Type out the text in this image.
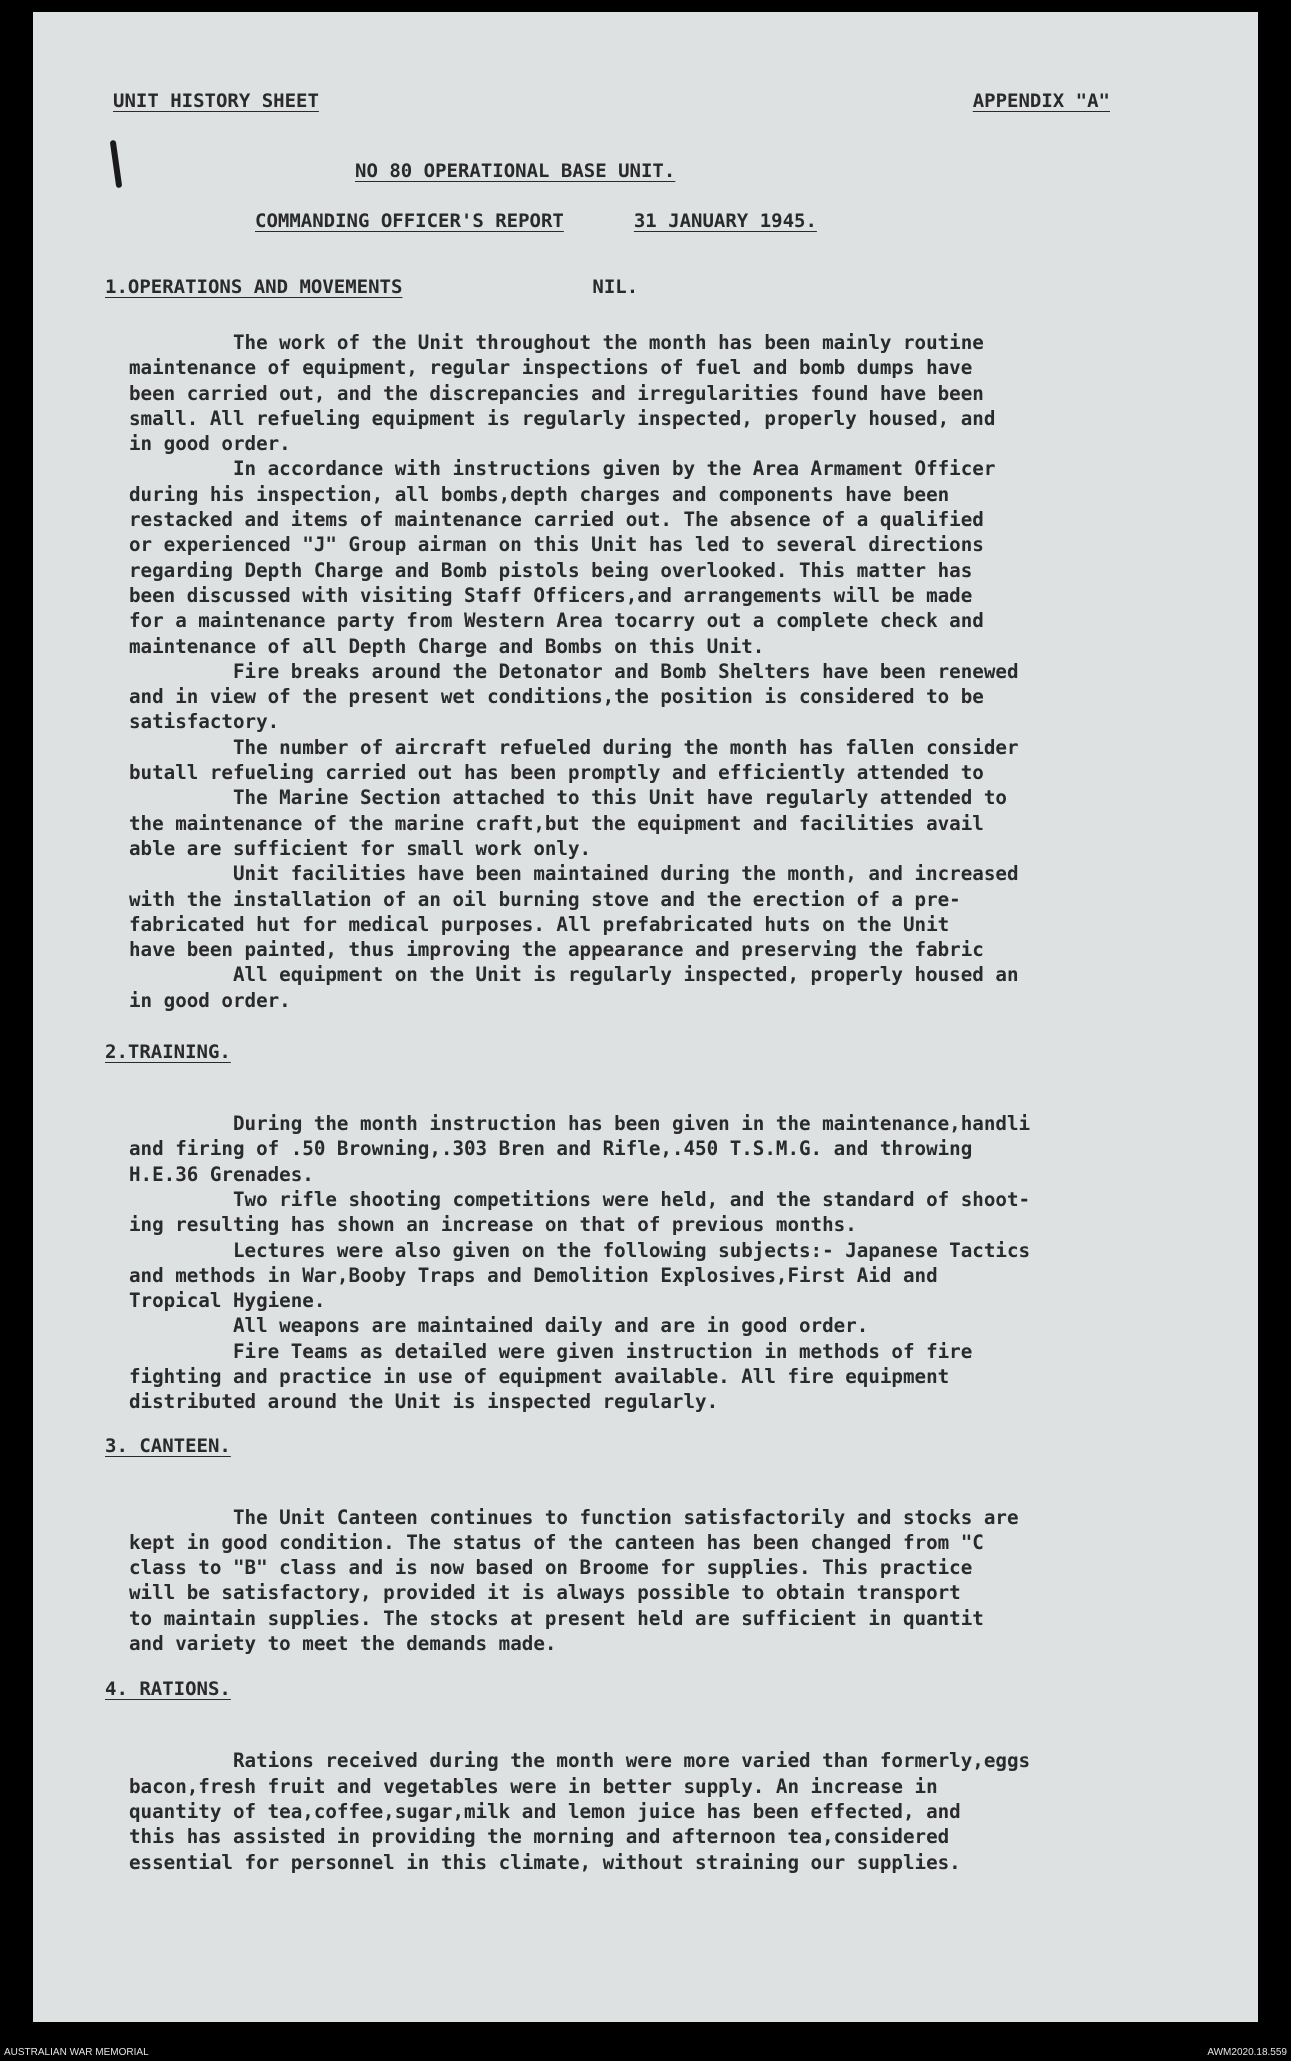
UNIT HISTORY SHEET	APPENDIX "A"
NO 80 OPERATIONAL BASE UNIT.
COMMANDING OFFICER'S REPORT	31 JANUARY 1945.
1.OPERATIONS AND MOVEMENTS	NIL.
The work of the Unit throughout the month has been mainly routine
maintenance of equipment, regular inspections of fuel and bomb dumps have
been carried out, and the discrepancies and irregularities found have been
small. All refueling equipment is regularly inspected, properly housed, and
in good order.
In accordance with instructions given by the Area Armament Officer
during his inspection, all bombs,depth charges and components have been
restacked and items of maintenance carried out. The absence of a qualified
or experienced "J" Group airman on this Unit has led to several directions
regarding Depth Charge and Bomb pistols being overlooked. This matter has
been discussed with visiting Staff Officers,and arrangements will be made
for a maintenance party from Western Area tocarry out a complete check and
maintenance of all Depth Charge and Bombs on this Unit.
Fire breaks around the Detonator and Bomb Shelters have been renewed
and in view of the present wet conditions,the position is considered to be
satisfactory.
The number of aircraft refueled during the month has fallen consider
butall refueling carried out has been promptly and efficiently attended to
The Marine Section attached to this Unit have regularly attended to
the maintenance of the marine craft,but the equipment and facilities avail
able are sufficient for small work only.
Unit facilities have been maintained during the month, and increased
with the installation of an oil burning stove and the erection of a pre-
fabricated hut for medical purposes. All prefabricated huts on the Unit
have been painted, thus improving the appearance and preserving the fabric
All equipment on the Unit is regularly inspected, properly housed an
in good order.
2.TRAINING.
During the month instruction has been given in the maintenance,handli
and firing of .50 Browning,.303 Bren and Rifle,.450 T.S.M.G. and throwing
H.E.36 Grenades.
Two rifle shooting competitions were held, and the standard of shoot-
ing resulting has shown an increase on that of previous months.
Lectures were also given on the following subjects:- Japanese Tactics
and methods in War,Booby Traps and Demolition Explosives,First Aid and
Tropical Hygiene.
All weapons are maintained daily and are in good order.
Fire Teams as detailed were given instruction in methods of fire
fighting and practice in use of equipment available. All fire equipment
distributed around the Unit is inspected regularly.
3. CANTEEN.
The Unit Canteen continues to function satisfactorily and stocks are
kept in good condition. The status of the canteen has been changed from "C
class to "B" class and is now based on Broome for supplies. This practice
will be satisfactory, provided it is always possible to obtain transport
to maintain supplies. The stocks at present held are sufficient in quantit
and variety to meet the demands made.
4. RATIONS.
Rations received during the month were more varied than formerly,eggs
bacon,fresh fruit and vegetables were in better supply. An increase in
quantity of tea,coffee,sugar,milk and lemon juice has been effected, and
this has assisted in providing the morning and afternoon tea,considered
essential for personnel in this climate, without straining our supplies.
AUSTRALIAN WAR MEMORIAL	AWM2020.18.559
